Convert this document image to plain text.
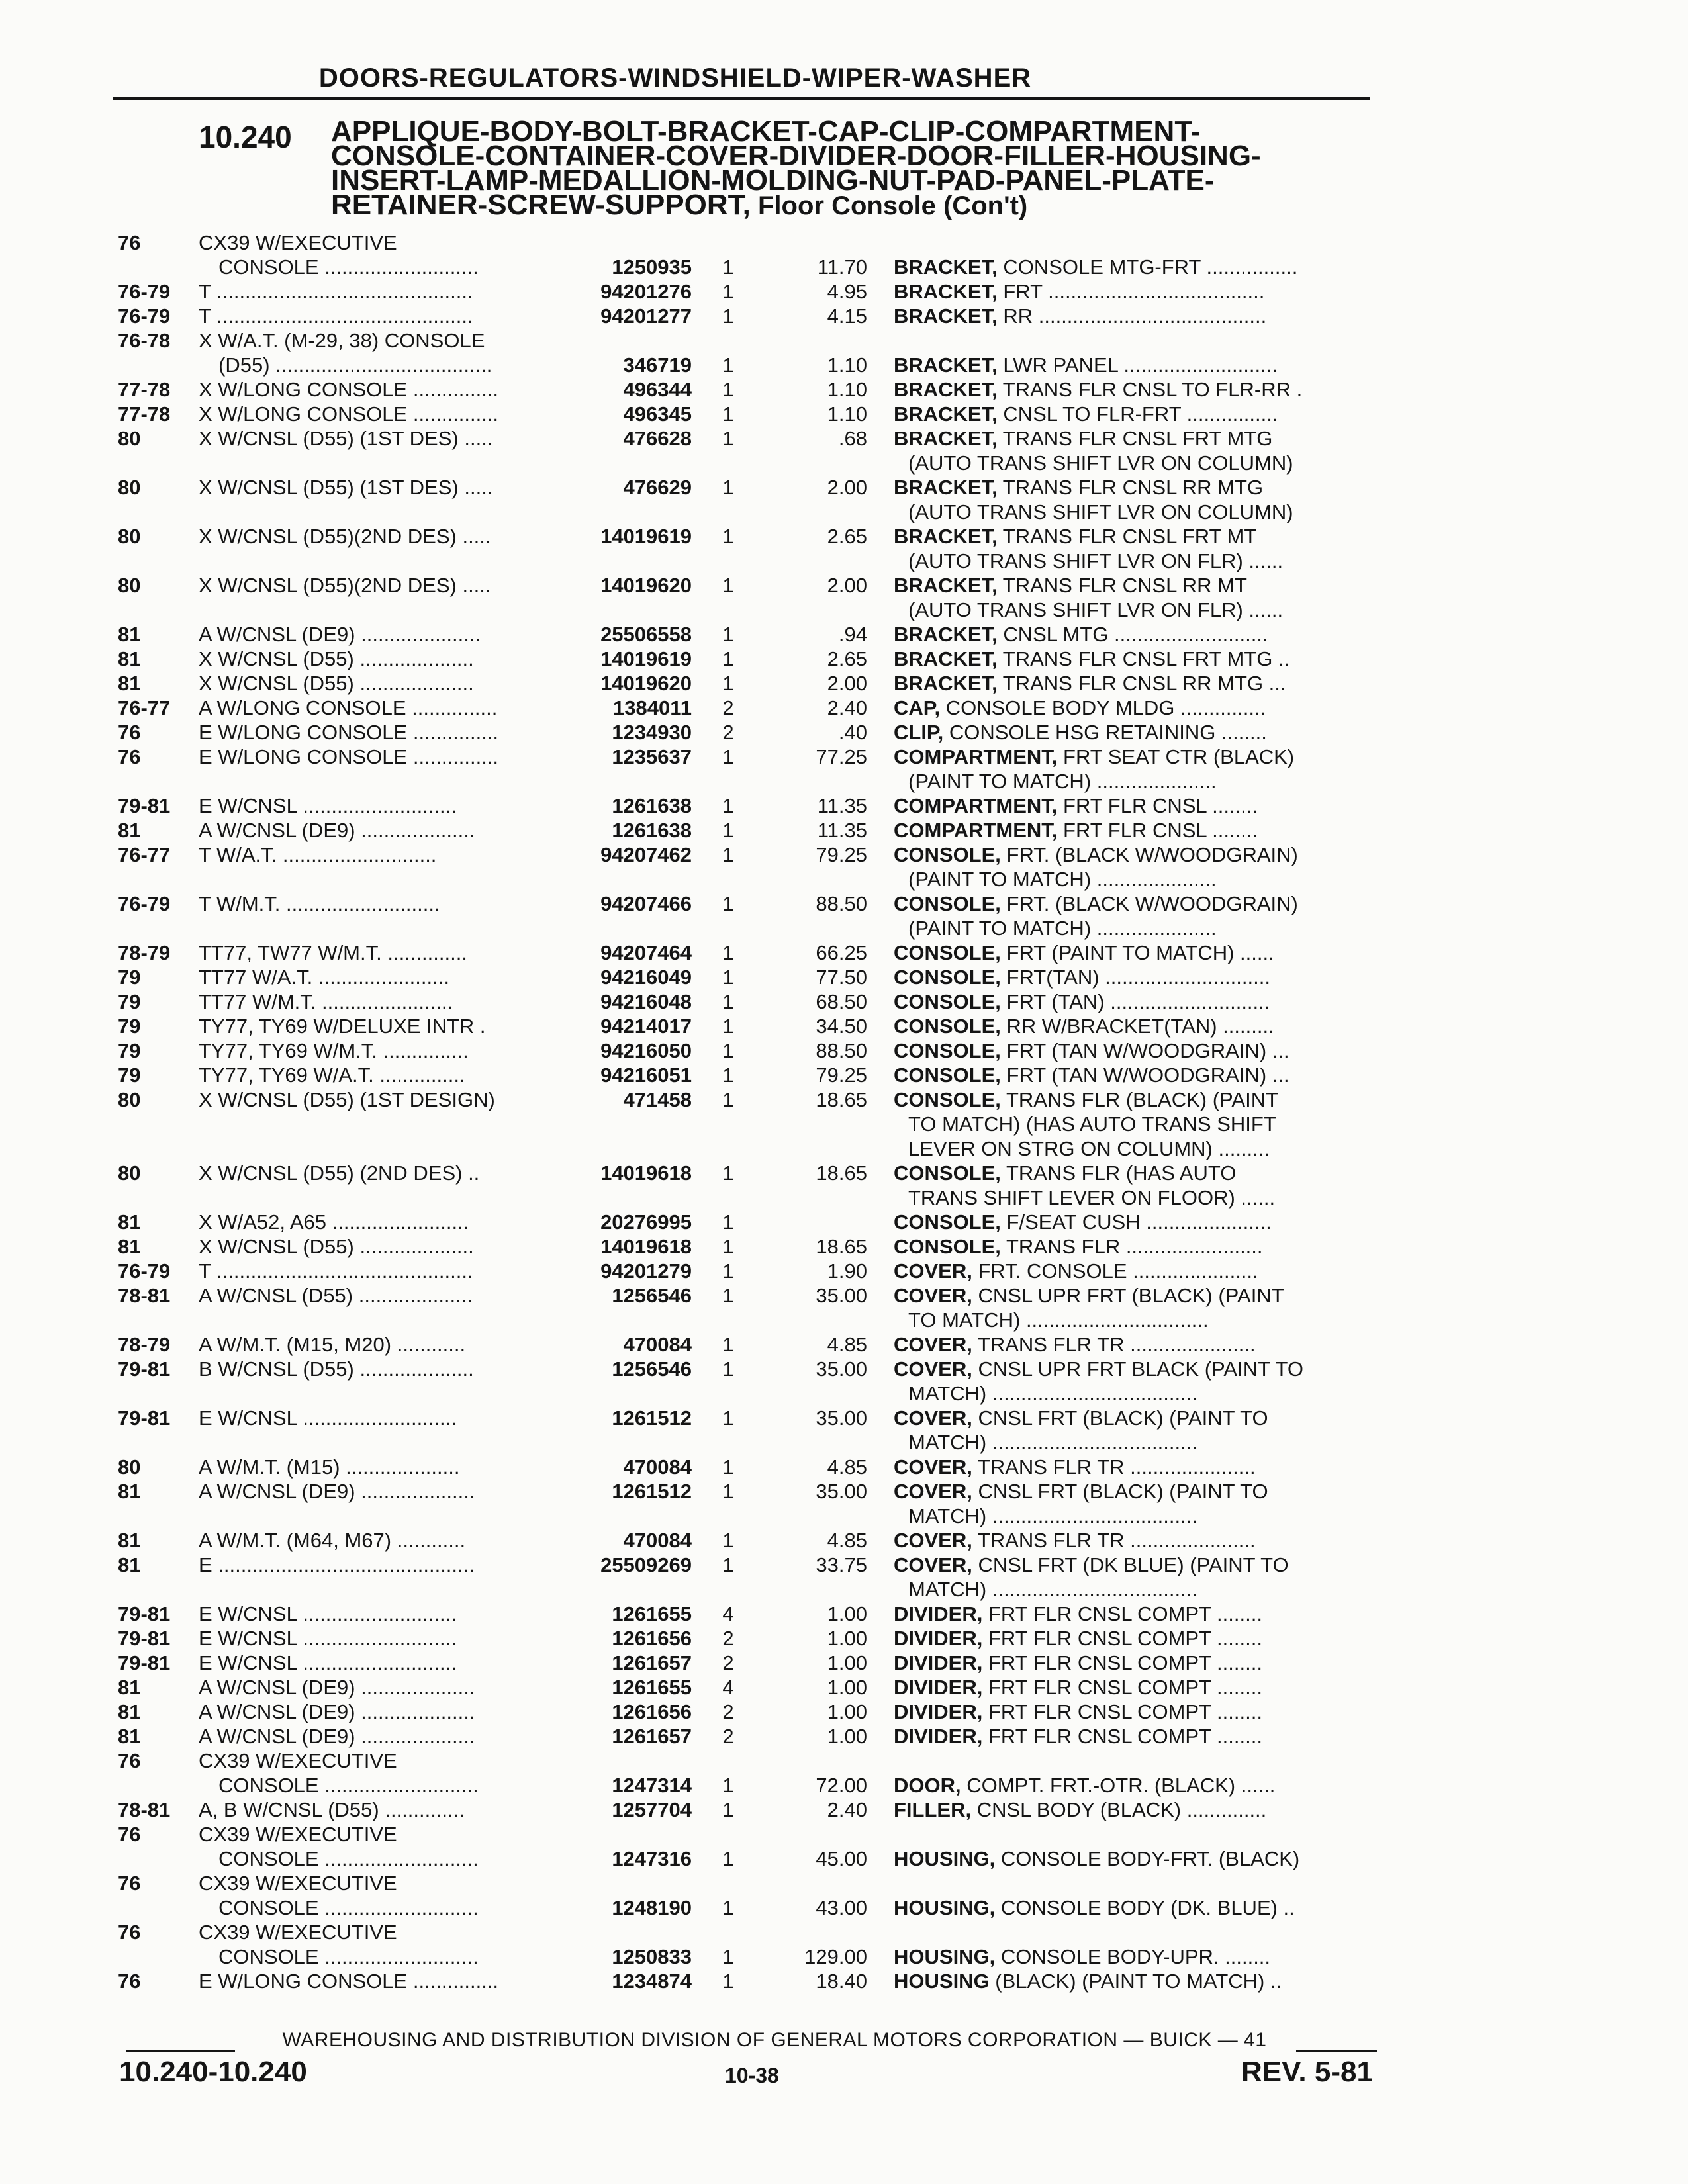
DOORS-REGULATORS-WINDSHIELD-WIPER-WASHER
10.240 APPLIQUE-BODY-BOLT-BRACKET-CAP-CLIP-COMPARTMENT-
CONSOLE-CONTAINER-COVER-DIVIDER-DOOR-FILLER-HOUSING-
INSERT-LAMP-MEDALLION-MOLDING-NUT-PAD-PANEL-PLATE-
RETAINER-SCREW-SUPPORT, Floor Console (Con't)
76	CX39 W/EXECUTIVE
CONSOLE ...........................	1250935	1	11.70 BRACKET, CONSOLE MTG-FRT ................
76-79 T .............................................	94201276	1	4.95 BRACKET, FRT ......................................
76-79 T .............................................	94201277	1	4.15 BRACKET, RR ........................................
76-78 X W/A.T. (M-29, 38) CONSOLE
(D55) ......................................	346719	1	1.10 BRACKET, LWR PANEL ...........................
77-78 X W/LONG CONSOLE ...............	496344	1	1.10 BRACKET, TRANS FLR CNSL TO FLR-RR .
77-78 X W/LONG CONSOLE ...............	496345	1	1.10 BRACKET, CNSL TO FLR-FRT ................
80	X W/CNSL (D55) (1ST DES) .....	476628	1	.68 BRACKET, TRANS FLR CNSL FRT MTG
(AUTO TRANS SHIFT LVR ON COLUMN)
80	X W/CNSL (D55) (1ST DES) .....	476629	1	2.00 BRACKET, TRANS FLR CNSL RR MTG
(AUTO TRANS SHIFT LVR ON COLUMN)
80	X W/CNSL (D55)(2ND DES) .....	14019619	1	2.65 BRACKET, TRANS FLR CNSL FRT MT
(AUTO TRANS SHIFT LVR ON FLR) ......
80	X W/CNSL (D55)(2ND DES) .....	14019620	1	2.00 BRACKET, TRANS FLR CNSL RR MT
(AUTO TRANS SHIFT LVR ON FLR) ......
81	A W/CNSL (DE9) .....................	25506558	1	.94 BRACKET, CNSL MTG ...........................
81	X W/CNSL (D55) ....................	14019619	1	2.65 BRACKET, TRANS FLR CNSL FRT MTG ..
81	X W/CNSL (D55) ....................	14019620	1	2.00 BRACKET, TRANS FLR CNSL RR MTG ...
76-77 A W/LONG CONSOLE ...............	1384011	2	2.40 CAP, CONSOLE BODY MLDG ...............
76	E W/LONG CONSOLE ...............	1234930	2	.40 CLIP, CONSOLE HSG RETAINING ........
76	E W/LONG CONSOLE ...............	1235637	1	77.25 COMPARTMENT, FRT SEAT CTR (BLACK)
(PAINT TO MATCH) .....................
79-81 E W/CNSL ...........................	1261638	1	11.35 COMPARTMENT, FRT FLR CNSL ........
81	A W/CNSL (DE9) ....................	1261638	1	11.35 COMPARTMENT, FRT FLR CNSL ........
76-77 T W/A.T. ...........................	94207462	1	79.25 CONSOLE, FRT. (BLACK W/WOODGRAIN)
(PAINT TO MATCH) .....................
76-79 T W/M.T. ...........................	94207466	1	88.50 CONSOLE, FRT. (BLACK W/WOODGRAIN)
(PAINT TO MATCH) .....................
78-79 TT77, TW77 W/M.T. ..............	94207464	1	66.25 CONSOLE, FRT (PAINT TO MATCH) ......
79	TT77 W/A.T. .......................	94216049	1	77.50 CONSOLE, FRT(TAN) .............................
79	TT77 W/M.T. .......................	94216048	1	68.50 CONSOLE, FRT (TAN) ............................
79	TY77, TY69 W/DELUXE INTR .	94214017	1	34.50 CONSOLE, RR W/BRACKET(TAN) .........
79	TY77, TY69 W/M.T. ...............	94216050	1	88.50 CONSOLE, FRT (TAN W/WOODGRAIN) ...
79	TY77, TY69 W/A.T. ...............	94216051	1	79.25 CONSOLE, FRT (TAN W/WOODGRAIN) ...
80	X W/CNSL (D55) (1ST DESIGN)	471458	1	18.65 CONSOLE, TRANS FLR (BLACK) (PAINT
TO MATCH) (HAS AUTO TRANS SHIFT
LEVER ON STRG ON COLUMN) .........
80	X W/CNSL (D55) (2ND DES) ..	14019618	1	18.65 CONSOLE, TRANS FLR (HAS AUTO
TRANS SHIFT LEVER ON FLOOR) ......
81	X W/A52, A65 ........................	20276995	1	CONSOLE, F/SEAT CUSH ......................
81	X W/CNSL (D55) ....................	14019618	1	18.65 CONSOLE, TRANS FLR ........................
76-79 T .............................................	94201279	1	1.90 COVER, FRT. CONSOLE ......................
78-81 A W/CNSL (D55) ....................	1256546	1	35.00 COVER, CNSL UPR FRT (BLACK) (PAINT
TO MATCH) ................................
78-79 A W/M.T. (M15, M20) ............	470084	1	4.85 COVER, TRANS FLR TR ......................
79-81 B W/CNSL (D55) ....................	1256546	1	35.00 COVER, CNSL UPR FRT BLACK (PAINT TO
MATCH) ....................................
79-81 E W/CNSL ...........................	1261512	1	35.00 COVER, CNSL FRT (BLACK) (PAINT TO
MATCH) ....................................
80	A W/M.T. (M15) ....................	470084	1	4.85 COVER, TRANS FLR TR ......................
81	A W/CNSL (DE9) ....................	1261512	1	35.00 COVER, CNSL FRT (BLACK) (PAINT TO
MATCH) ....................................
81	A W/M.T. (M64, M67) ............	470084	1	4.85 COVER, TRANS FLR TR ......................
81	E .............................................	25509269	1	33.75 COVER, CNSL FRT (DK BLUE) (PAINT TO
MATCH) ....................................
79-81 E W/CNSL ...........................	1261655	4	1.00 DIVIDER, FRT FLR CNSL COMPT ........
79-81 E W/CNSL ...........................	1261656	2	1.00 DIVIDER, FRT FLR CNSL COMPT ........
79-81 E W/CNSL ...........................	1261657	2	1.00 DIVIDER, FRT FLR CNSL COMPT ........
81	A W/CNSL (DE9) ....................	1261655	4	1.00 DIVIDER, FRT FLR CNSL COMPT ........
81	A W/CNSL (DE9) ....................	1261656	2	1.00 DIVIDER, FRT FLR CNSL COMPT ........
81	A W/CNSL (DE9) ....................	1261657	2	1.00 DIVIDER, FRT FLR CNSL COMPT ........
76	CX39 W/EXECUTIVE
CONSOLE ...........................	1247314	1	72.00 DOOR, COMPT. FRT.-OTR. (BLACK) ......
78-81 A, B W/CNSL (D55) ..............	1257704	1	2.40 FILLER, CNSL BODY (BLACK) ..............
76	CX39 W/EXECUTIVE
CONSOLE ...........................	1247316	1	45.00 HOUSING, CONSOLE BODY-FRT. (BLACK)
76	CX39 W/EXECUTIVE
CONSOLE ...........................	1248190	1	43.00 HOUSING, CONSOLE BODY (DK. BLUE) ..
76	CX39 W/EXECUTIVE
CONSOLE ...........................	1250833	1	129.00 HOUSING, CONSOLE BODY-UPR. ........
76	E W/LONG CONSOLE ...............	1234874	1	18.40 HOUSING (BLACK) (PAINT TO MATCH) ..
WAREHOUSING AND DISTRIBUTION DIVISION OF GENERAL MOTORS CORPORATION — BUICK — 41
10.240-10.240	10-38	REV. 5-81
